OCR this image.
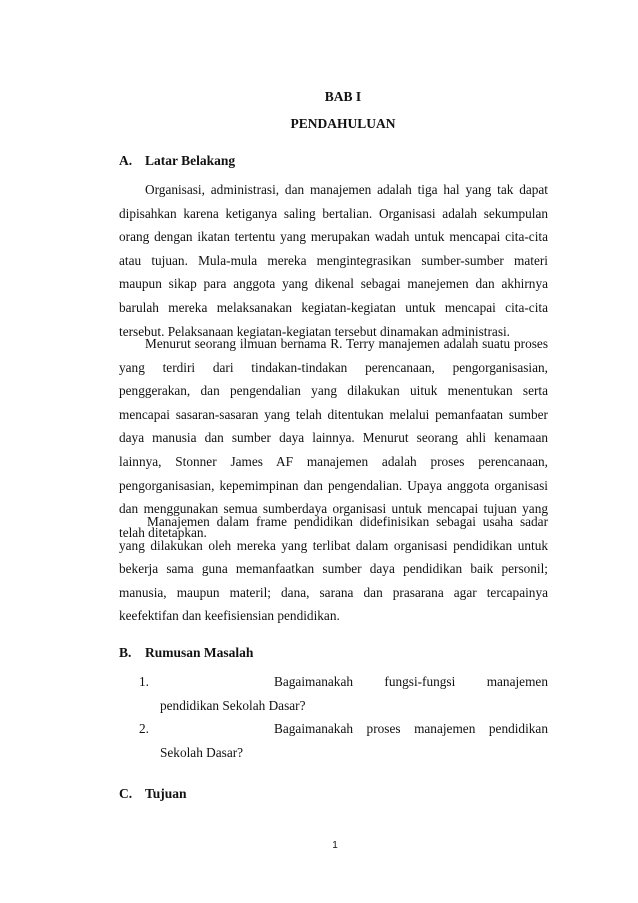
BAB I
PENDAHULUAN
A. Latar Belakang

Organisasi, administrasi, dan manajemen adalah tiga hal yang tak dapat dipisahkan karena ketiganya saling bertalian. Organisasi adalah sekumpulan orang dengan ikatan tertentu yang merupakan wadah untuk mencapai cita-cita atau tujuan. Mula-mula mereka mengintegrasikan sumber-sumber materi maupun sikap para anggota yang dikenal sebagai manejemen dan akhirnya barulah mereka melaksanakan kegiatan-kegiatan untuk mencapai cita-cita tersebut. Pelaksanaan kegiatan-kegiatan tersebut dinamakan administrasi.

Menurut seorang ilmuan bernama R. Terry manajemen adalah suatu proses yang terdiri dari tindakan-tindakan perencanaan, pengorganisasian, penggerakan, dan pengendalian yang dilakukan uituk menentukan serta mencapai sasaran-sasaran yang telah ditentukan melalui pemanfaatan sumber daya manusia dan sumber daya lainnya. Menurut seorang ahli kenamaan lainnya, Stonner James AF manajemen adalah proses perencanaan, pengorganisasian, kepemimpinan dan pengendalian. Upaya anggota organisasi dan menggunakan semua sumberdaya organisasi untuk mencapai tujuan yang telah ditetapkan.

Manajemen dalam frame pendidikan didefinisikan sebagai usaha sadar yang dilakukan oleh mereka yang terlibat dalam organisasi pendidikan untuk bekerja sama guna memanfaatkan sumber daya pendidikan baik personil; manusia, maupun materil; dana, sarana dan prasarana agar tercapainya keefektifan dan keefisiensian pendidikan.

B. Rumusan Masalah
1.	Bagaimanakah fungsi-fungsi manajemen
pendidikan Sekolah Dasar?
2.	Bagaimanakah proses manajemen pendidikan
Sekolah Dasar?
C. Tujuan
1
